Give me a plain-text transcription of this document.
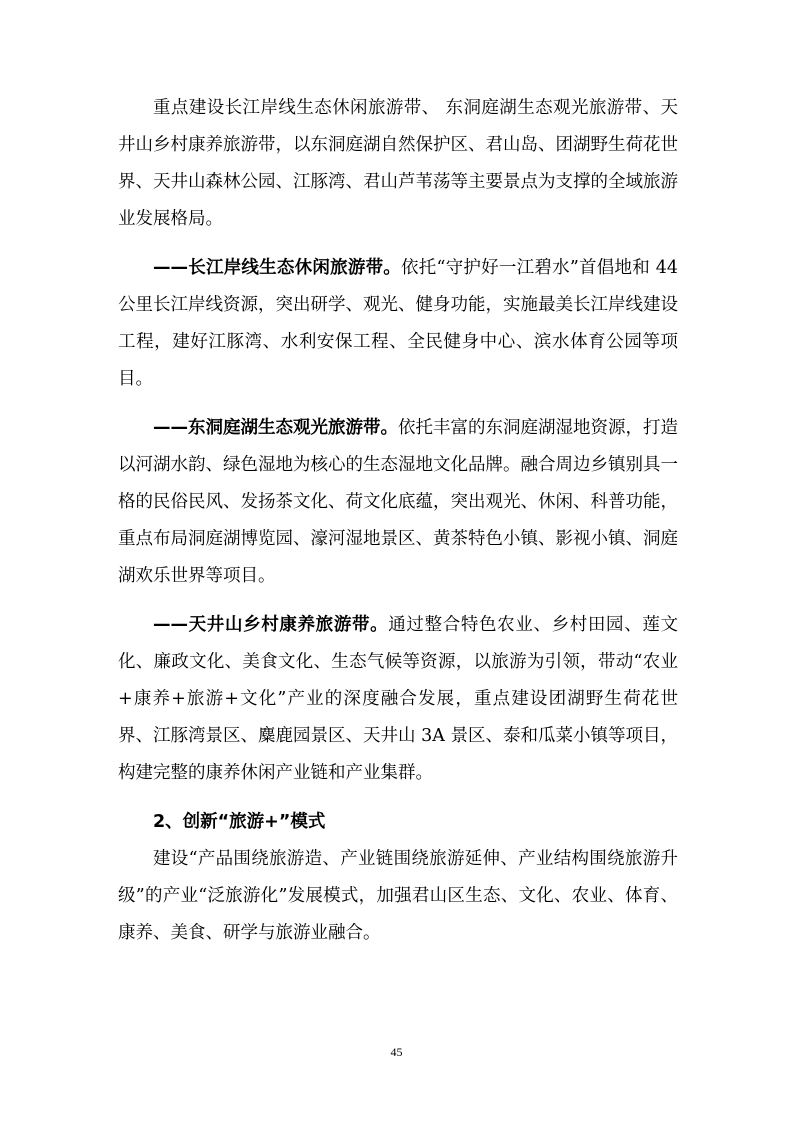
重点建设长江岸线生态休闲旅游带、 东洞庭湖生态观光旅游带、天井山乡村康养旅游带，以东洞庭湖自然保护区、君山岛、团湖野生荷花世界、天井山森林公园、江豚湾、君山芦苇荡等主要景点为支撑的全域旅游业发展格局。

——长江岸线生态休闲旅游带。依托“守护好一江碧水”首倡地和 44 公里长江岸线资源，突出研学、观光、健身功能，实施最美长江岸线建设工程，建好江豚湾、水利安保工程、全民健身中心、滨水体育公园等项目。

——东洞庭湖生态观光旅游带。依托丰富的东洞庭湖湿地资源，打造以河湖水韵、绿色湿地为核心的生态湿地文化品牌。融合周边乡镇别具一格的民俗民风、发扬茶文化、荷文化底蕴，突出观光、休闲、科普功能，重点布局洞庭湖博览园、濠河湿地景区、黄茶特色小镇、影视小镇、洞庭湖欢乐世界等项目。

——天井山乡村康养旅游带。通过整合特色农业、乡村田园、莲文化、廉政文化、美食文化、生态气候等资源，以旅游为引领，带动“农业+康养+旅游+文化”产业的深度融合发展，重点建设团湖野生荷花世界、江豚湾景区、麋鹿园景区、天井山 3A 景区、泰和瓜菜小镇等项目，构建完整的康养休闲产业链和产业集群。

2、创新“旅游+”模式

建设“产品围绕旅游造、产业链围绕旅游延伸、产业结构围绕旅游升级”的产业“泛旅游化”发展模式，加强君山区生态、文化、农业、体育、康养、美食、研学与旅游业融合。

45
